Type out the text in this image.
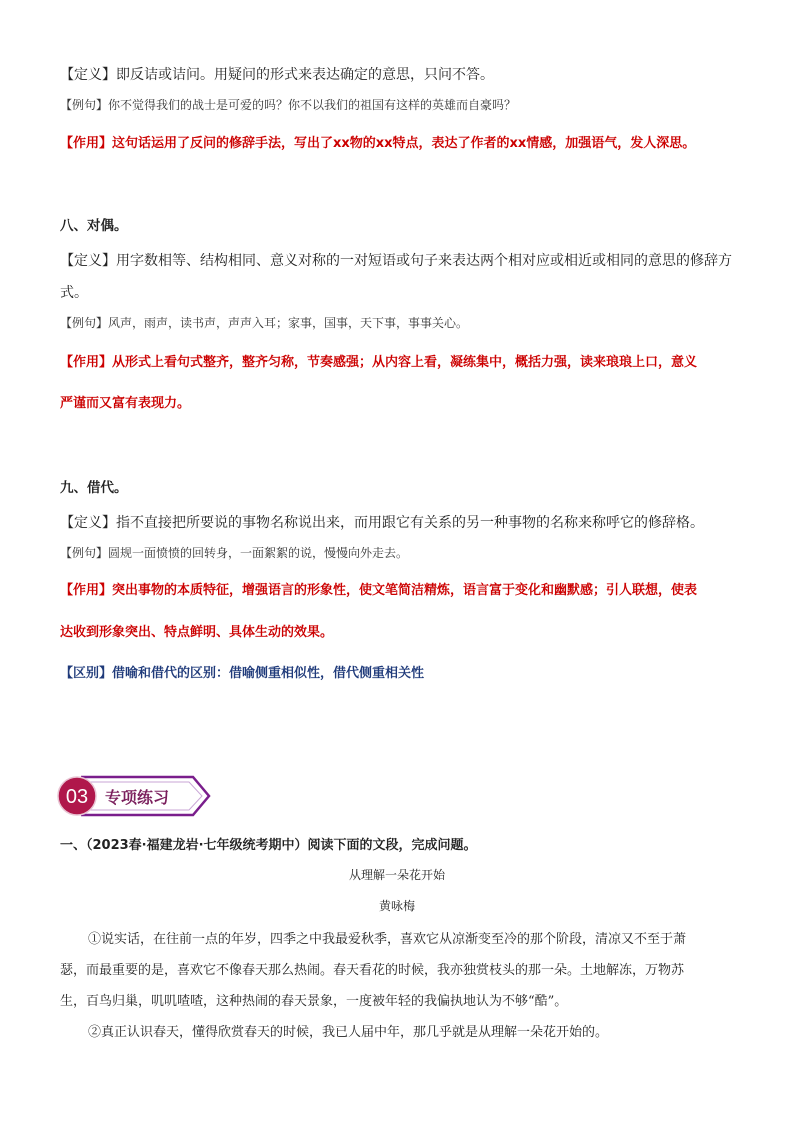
【定义】即反诘或诘问。用疑问的形式来表达确定的意思，只问不答。
【例句】你不觉得我们的战士是可爱的吗？你不以我们的祖国有这样的英雄而自豪吗？
【作用】这句话运用了反问的修辞手法，写出了xx物的xx特点，表达了作者的xx情感，加强语气，发人深思。
八、对偶。
【定义】用字数相等、结构相同、意义对称的一对短语或句子来表达两个相对应或相近或相同的意思的修辞方
式。
【例句】风声，雨声，读书声，声声入耳；家事，国事，天下事，事事关心。
【作用】从形式上看句式整齐，整齐匀称，节奏感强；从内容上看，凝练集中，概括力强，读来琅琅上口，意义
严谨而又富有表现力。
九、借代。
【定义】指不直接把所要说的事物名称说出来，而用跟它有关系的另一种事物的名称来称呼它的修辞格。
【例句】圆规一面愤愤的回转身，一面絮絮的说，慢慢向外走去。
【作用】突出事物的本质特征，增强语言的形象性，使文笔简洁精炼，语言富于变化和幽默感；引人联想，使表
达收到形象突出、特点鲜明、具体生动的效果。
【区别】借喻和借代的区别：借喻侧重相似性，借代侧重相关性
03 专项练习
一、（2023春·福建龙岩·七年级统考期中）阅读下面的文段，完成问题。
从理解一朵花开始
黄咏梅
①说实话，在往前一点的年岁，四季之中我最爱秋季，喜欢它从凉渐变至冷的那个阶段，清凉又不至于萧
瑟，而最重要的是，喜欢它不像春天那么热闹。春天看花的时候，我亦独赏枝头的那一朵。土地解冻，万物苏
生，百鸟归巢，叽叽喳喳，这种热闹的春天景象，一度被年轻的我偏执地认为不够“酷”。
②真正认识春天，懂得欣赏春天的时候，我已人届中年，那几乎就是从理解一朵花开始的。
